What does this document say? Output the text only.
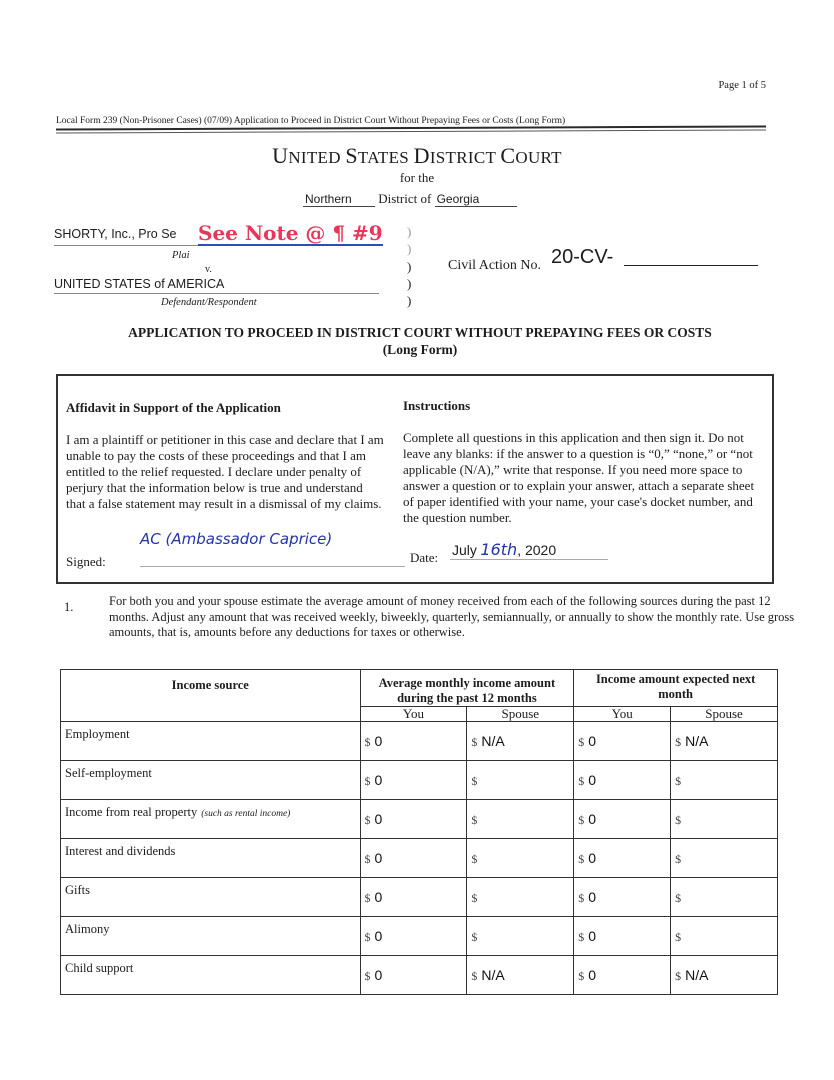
Page 1 of 5
Local Form 239 (Non-Prisoner Cases) (07/09) Application to Proceed in District Court Without Prepaying Fees or Costs (Long Form)
UNITED STATES DISTRICT COURT
for the
Northern District of Georgia
SHORTY, Inc., Pro Se
Plai
See Note @ ¶ #9
v.
UNITED STATES of AMERICA
Defendant/Respondent
)
)
)
)
)
Civil Action No. 20-CV-
APPLICATION TO PROCEED IN DISTRICT COURT WITHOUT PREPAYING FEES OR COSTS
(Long Form)
Affidavit in Support of the Application
I am a plaintiff or petitioner in this case and declare that I am unable to pay the costs of these proceedings and that I am entitled to the relief requested. I declare under penalty of perjury that the information below is true and understand that a false statement may result in a dismissal of my claims.
Signed:
Instructions
Complete all questions in this application and then sign it. Do not leave any blanks: if the answer to a question is “0,” “none,” or “not applicable (N/A),” write that response. If you need more space to answer a question or to explain your answer, attach a separate sheet of paper identified with your name, your case's docket number, and the question number.
Date: July 16th, 2020
AC (Ambassador Caprice)
1.	For both you and your spouse estimate the average amount of money received from each of the following sources during the past 12 months. Adjust any amount that was received weekly, biweekly, quarterly, semiannually, or annually to show the monthly rate. Use gross amounts, that is, amounts before any deductions for taxes or otherwise.
Income source	Average monthly income amount during the past 12 months		Income amount expected next month	
	You	Spouse	You	Spouse
Employment	$ 0	$ N/A	$ 0	$ N/A
Self-employment	$ 0	$	$ 0	$
Income from real property (such as rental income)	$ 0	$	$ 0	$
Interest and dividends	$ 0	$	$ 0	$
Gifts	$ 0	$	$ 0	$
Alimony	$ 0	$	$ 0	$
Child support	$ 0	$ N/A	$ 0	$ N/A
